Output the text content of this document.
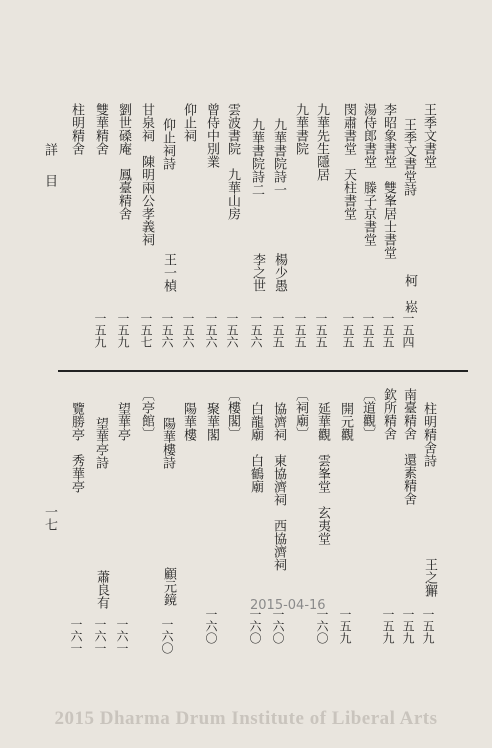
詳目
一七
王季文書堂
王季文書堂詩
柯　崧
一五四
李昭象書堂　雙峯居士書堂
一五五
湯侍郎書堂　滕子京書堂
一五五
閔肅書堂　天柱書堂
一五五
九華先生隱居
一五五
九華書院
一五五
九華書院詩一
楊少愚
一五五
九華書院詩二
李之世
一五六
雲波書院　九華山房
一五六
曾侍中別業
一五六
仰止祠
一五六
仰止祠詩
王一楨
一五六
甘泉祠　陳明兩公孝義祠
一五七
劉世磉庵　鳳臺精舍
一五九
雙華精舍
一五九
柱明精舍
柱明精舍詩
王之獬
一五九
南臺精舍　還素精舍
一五九
欽所精舍
一五九
〔道觀〕
開元觀
一五九
延華觀　雲峯堂　玄夷堂
一六〇
〔祠廟〕
協濟祠　東協濟祠　西協濟祠
一六〇
白龍廟　白鶴廟
一六〇
〔樓閣〕
聚華閣
一六〇
陽華樓
陽華樓詩
顧元鏡
一六〇
〔亭館〕
望華亭
一六一
望華亭詩
蕭良有
一六一
覽勝亭　秀華亭
一六一
2015-04-16
2015 Dharma Drum Institute of Liberal Arts
